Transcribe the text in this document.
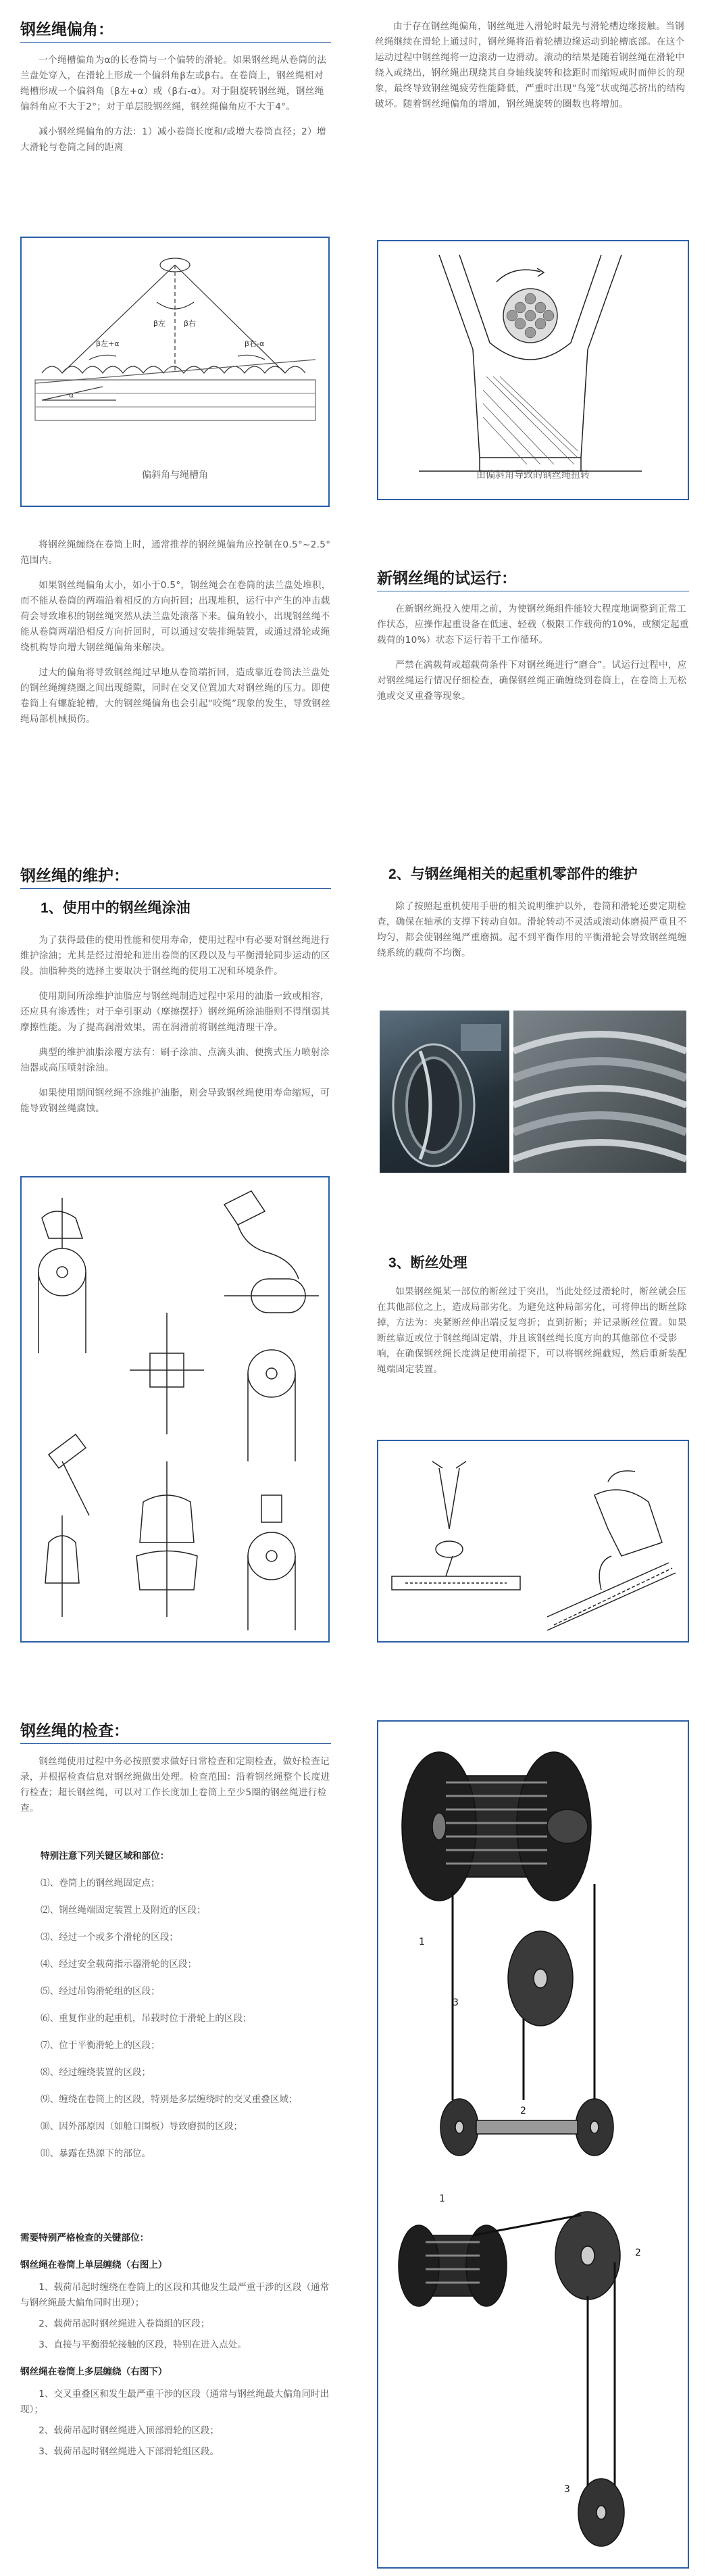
钢丝绳偏角：

一个绳槽偏角为α的长卷筒与一个偏转的滑轮。如果钢丝绳从卷筒的法兰盘处穿入，在滑轮上形成一个偏斜角β左或β右。在卷筒上，钢丝绳相对绳槽形成一个偏斜角（β左+α）或（β右-α）。对于阻旋转钢丝绳，钢丝绳偏斜角应不大于2°；对于单层股钢丝绳，钢丝绳偏角应不大于4°。

减小钢丝绳偏角的方法：1）减小卷筒长度和/或增大卷筒直径；2）增大滑轮与卷筒之间的距离

β左+α
β右
β左
β右-α
α
偏斜角与绳槽角

将钢丝绳缠绕在卷筒上时，通常推荐的钢丝绳偏角应控制在0.5°~2.5°范围内。

如果钢丝绳偏角太小，如小于0.5°，钢丝绳会在卷筒的法兰盘处堆积，而不能从卷筒的两端沿着相反的方向折回；出现堆积，运行中产生的冲击载荷会导致堆积的钢丝绳突然从法兰盘处滚落下来。偏角较小，出现钢丝绳不能从卷筒两端沿相反方向折回时，可以通过安装排绳装置，或通过滑轮或绳绕机构导向增大钢丝绳偏角来解决。

过大的偏角将导致钢丝绳过早地从卷筒端折回，造成靠近卷筒法兰盘处的钢丝绳缠绕圈之间出现缝隙，同时在交叉位置加大对钢丝绳的压力。即使卷筒上有螺旋轮槽，大的钢丝绳偏角也会引起“咬绳”现象的发生，导致钢丝绳局部机械损伤。

由于存在钢丝绳偏角，钢丝绳进入滑轮时最先与滑轮槽边缘接触。当钢丝绳继续在滑轮上通过时，钢丝绳将沿着轮槽边缘运动到轮槽底部。在这个运动过程中钢丝绳将一边滚动一边滑动。滚动的结果是随着钢丝绳在滑轮中绕入或绕出，钢丝绳出现绕其自身轴线旋转和捻距时而缩短或时而伸长的现象，最终导致钢丝绳疲劳性能降低，严重时出现“鸟笼”状或绳芯挤出的结构破坏。随着钢丝绳偏角的增加，钢丝绳旋转的圈数也将增加。

由偏斜角导致的钢丝绳扭转
新钢丝绳的试运行：

在新钢丝绳投入使用之前，为使钢丝绳组件能较大程度地调整到正常工作状态，应操作起重设备在低速、轻载（极限工作载荷的10%，或额定起重载荷的10%）状态下运行若干工作循环。

严禁在满载荷或超载荷条件下对钢丝绳进行“磨合”。试运行过程中，应对钢丝绳运行情况仔细检查，确保钢丝绳正确缠绕到卷筒上，在卷筒上无松弛或交叉重叠等现象。

钢丝绳的维护：
1、使用中的钢丝绳涂油

为了获得最佳的使用性能和使用寿命，使用过程中有必要对钢丝绳进行维护涂油；尤其是经过滑轮和进出卷筒的区段以及与平衡滑轮同步运动的区段。油脂种类的选择主要取决于钢丝绳的使用工况和环境条件。

使用期间所涂维护油脂应与钢丝绳制造过程中采用的油脂一致或相容，还应具有渗透性；对于牵引驱动（摩擦摆抒）钢丝绳所涂油脂则不得削弱其摩擦性能。为了提高润滑效果，需在润滑前将钢丝绳清理干净。

典型的维护油脂涂覆方法有：刷子涂油、点滴头油、便携式压力喷射涂油器或高压喷射涂油。

如果使用期间钢丝绳不涂维护油脂，则会导致钢丝绳使用寿命缩短，可能导致钢丝绳腐蚀。

2、与钢丝绳相关的起重机零部件的维护

除了按照起重机使用手册的相关说明维护以外，卷筒和滑轮还要定期检查，确保在轴承的支撑下转动自如。滑轮转动不灵活或滚动体磨损严重且不均匀，都会使钢丝绳严重磨损。起不到平衡作用的平衡滑轮会导致钢丝绳缠绕系统的载荷不均衡。

3、断丝处理

如果钢丝绳某一部位的断丝过于突出，当此处经过滑轮时，断丝就会压在其他部位之上，造成局部劣化。为避免这种局部劣化，可将伸出的断丝除掉，方法为：夹紧断丝伸出端反复弯折；直到折断；并记录断丝位置。如果断丝靠近或位于钢丝绳固定端，并且该钢丝绳长度方向的其他部位不受影响，在确保钢丝绳长度满足使用前提下，可以将钢丝绳截短，然后重新装配绳端固定装置。

钢丝绳的检查：

钢丝绳使用过程中务必按照要求做好日常检查和定期检查，做好检查记录，并根据检查信息对钢丝绳做出处理。检查范围：沿着钢丝绳整个长度进行检查；超长钢丝绳，可以对工作长度加上卷筒上至少5圈的钢丝绳进行检查。

特别注意下列关键区域和部位：
⑴、卷筒上的钢丝绳固定点；
⑵、钢丝绳端固定装置上及附近的区段；
⑶、经过一个或多个滑轮的区段；
⑷、经过安全载荷指示器滑轮的区段；
⑸、经过吊钩滑轮组的区段；
⑹、重复作业的起重机，吊载时位于滑轮上的区段；
⑺、位于平衡滑轮上的区段；
⑻、经过缠绕装置的区段；
⑼、缠绕在卷筒上的区段，特别是多层缠绕时的交叉重叠区域；
⑽、因外部原因（如舱口围板）导致磨损的区段；
⑾、暴露在热源下的部位。
需要特别严格检查的关键部位：
钢丝绳在卷筒上单层缠绕（右图上）
1、载荷吊起时缠绕在卷筒上的区段和其他发生最严重干涉的区段（通常与钢丝绳最大偏角同时出现）；
2、载荷吊起时钢丝绳进入卷筒组的区段；
3、直接与平衡滑轮接触的区段，特别在进入点处。
钢丝绳在卷筒上多层缠绕（右图下）
1、交叉重叠区和发生最严重干涉的区段（通常与钢丝绳最大偏角同时出现）；
2、载荷吊起时钢丝绳进入顶部滑轮的区段；
3、载荷吊起时钢丝绳进入下部滑轮组区段。
1
3
2
1
2
3
